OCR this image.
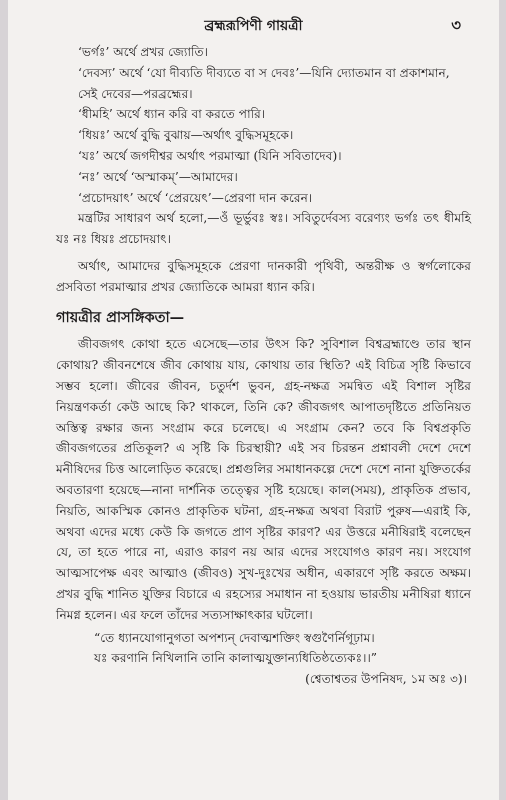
ব্রহ্মরূপিণী গায়ত্রী	৩

‘ভর্গঃ’ অর্থে প্রখর জ্যোতি।

‘দেবস্য’ অর্থে ‘যো দীব্যতি দীব্যতে বা স দেবঃ’—যিনি দ্যোতমান বা প্রকাশমান, সেই দেবের—পরব্রহ্মের।

‘ধীমহি’ অর্থে ধ্যান করি বা করতে পারি।

‘ধিয়ঃ’ অর্থে বুদ্ধি বুঝায়—অর্থাৎ বুদ্ধিসমূহকে।

‘যঃ’ অর্থে জগদীশ্বর অর্থাৎ পরমাত্মা (যিনি সবিতাদেব)।

‘নঃ’ অর্থে ‘অস্মাকম্’—আমাদের।

‘প্রচোদয়াৎ’ অর্থে ‘প্রেরয়েৎ’—প্রেরণা দান করেন।

মন্ত্রটির সাধারণ অর্থ হলো,—ওঁ ভূর্ভুবঃ স্বঃ। সবিতুর্দেবস্য বরেণ্যং ভর্গঃ তৎ ধীমহি যঃ নঃ ধিয়ঃ প্রচোদয়াৎ।

অর্থাৎ, আমাদের বুদ্ধিসমূহকে প্রেরণা দানকারী পৃথিবী, অন্তরীক্ষ ও স্বর্গলোকের প্রসবিতা পরমাত্মার প্রখর জ্যোতিকে আমরা ধ্যান করি।

গায়ত্রীর প্রাসঙ্গিকতা—

জীবজগৎ কোথা হতে এসেছে—তার উৎস কি? সুবিশাল বিশ্বব্রহ্মাণ্ডে তার স্থান কোথায়? জীবনশেষে জীব কোথায় যায়, কোথায় তার স্থিতি? এই বিচিত্র সৃষ্টি কিভাবে সম্ভব হলো। জীবের জীবন, চতুর্দশ ভুবন, গ্রহ-নক্ষত্র সমন্বিত এই বিশাল সৃষ্টির নিয়ন্ত্রণকর্তা কেউ আছে কি? থাকলে, তিনি কে? জীবজগৎ আপাতদৃষ্টিতে প্রতিনিয়ত অস্তিত্ব রক্ষার জন্য সংগ্রাম করে চলেছে। এ সংগ্রাম কেন? তবে কি বিশ্বপ্রকৃতি জীবজগতের প্রতিকূল? এ সৃষ্টি কি চিরস্থায়ী? এই সব চিরন্তন প্রশ্নাবলী দেশে দেশে মনীষিদের চিত্ত আলোড়িত করেছে। প্রশ্নগুলির সমাধানকল্পে দেশে দেশে নানা যুক্তিতর্কের অবতারণা হয়েছে—নানা দার্শনিক তত্ত্বের সৃষ্টি হয়েছে। কাল(সময়), প্রাকৃতিক প্রভাব, নিয়তি, আকস্মিক কোনও প্রাকৃতিক ঘটনা, গ্রহ-নক্ষত্র অথবা বিরাট পুরুষ—এরাই কি, অথবা এদের মধ্যে কেউ কি জগতে প্রাণ সৃষ্টির কারণ? এর উত্তরে মনীষিরাই বলেছেন যে, তা হতে পারে না, এরাও কারণ নয় আর এদের সংযোগও কারণ নয়। সংযোগ আত্মসাপেক্ষ এবং আত্মাও (জীবও) সুখ-দুঃখের অধীন, একারণে সৃষ্টি করতে অক্ষম। প্রখর বুদ্ধি শানিত যুক্তির বিচারে এ রহস্যের সমাধান না হওয়ায় ভারতীয় মনীষিরা ধ্যানে নিমগ্ন হলেন। এর ফলে তাঁদের সত্যসাক্ষাৎকার ঘটলো।

“তে ধ্যানযোগানুগতা অপশ্যন্ দেবাত্মশক্তিং স্বগুণৈর্নিগূঢ়াম।

যঃ করণানি নিখিলানি তানি কালাত্মযুক্তান্যধিতিষ্ঠত্যেকঃ।।”

(শ্বেতাশ্বতর উপনিষদ, ১ম অঃ ৩)।
